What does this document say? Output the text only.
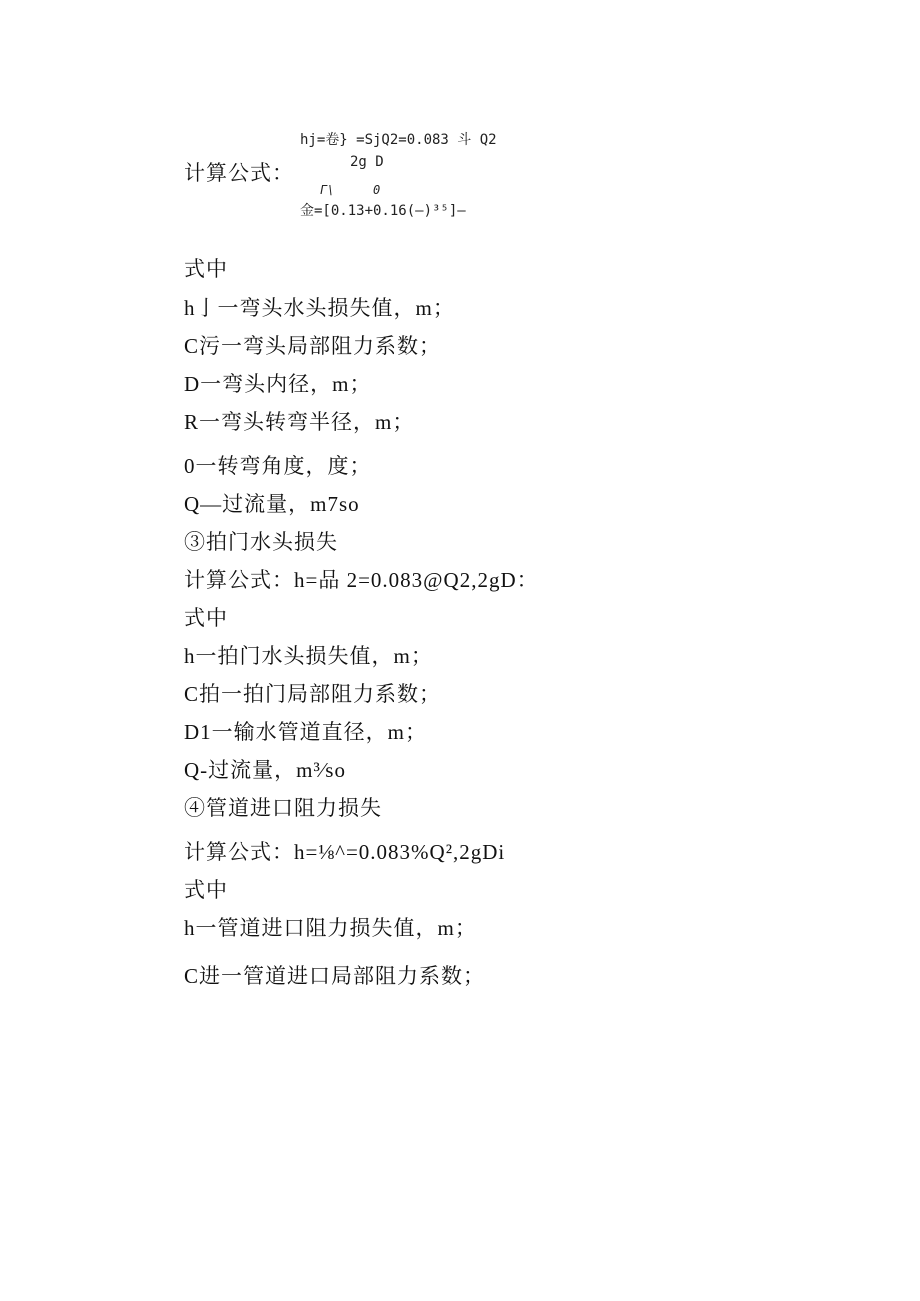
计算公式：
hj=卷} =SjQ2=0.083 斗 Q2
2g D
Γ\	0
金=[0.13+0.16(—)³⁵]—
式中
h亅一弯头水头损失值，m；
C污一弯头局部阻力系数；
D一弯头内径，m；
R一弯头转弯半径，m；
0一转弯角度，度；
Q—过流量，m7so
③拍门水头损失
计算公式：h=品 2=0.083@Q2,2gD：
式中
h一拍门水头损失值，m；
C拍一拍门局部阻力系数；
D1一输水管道直径，m；
Q-过流量，m³⁄so
④管道进口阻力损失
计算公式：h=⅛^=0.083%Q²,2gDi
式中
h一管道进口阻力损失值，m；
C进一管道进口局部阻力系数；
